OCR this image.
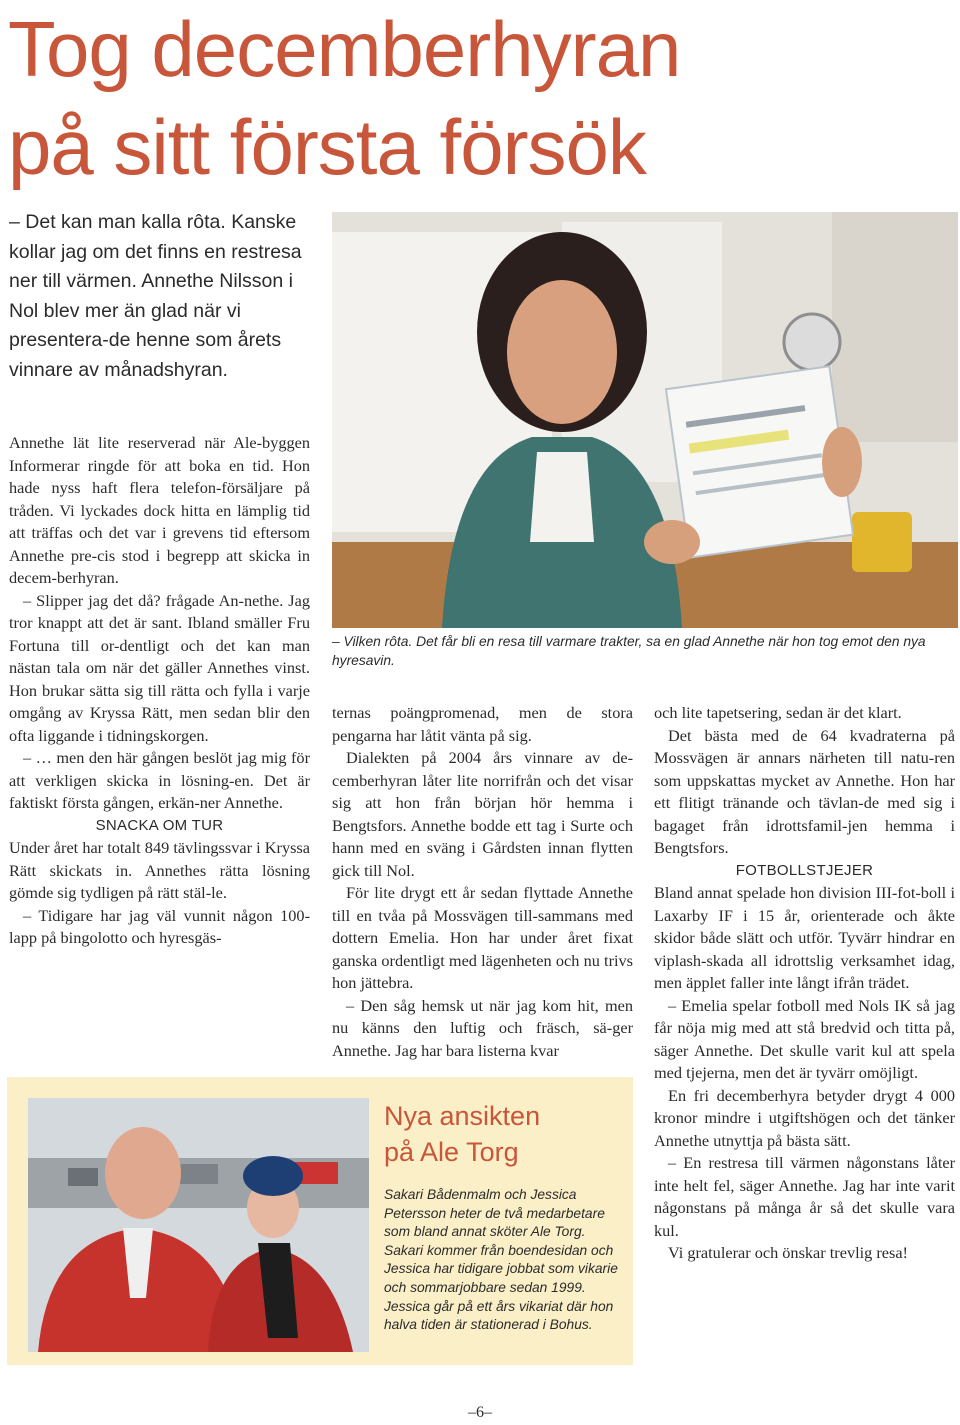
Tog decemberhyran
på sitt första försök
– Det kan man kalla rôta. Kanske kollar jag om det finns en restresa ner till värmen. Annethe Nilsson i Nol blev mer än glad när vi presentera-de henne som årets vinnare av månadshyran.

Annethe lät lite reserverad när Ale-byggen Informerar ringde för att boka en tid. Hon hade nyss haft flera telefon-försäljare på tråden. Vi lyckades dock hitta en lämplig tid att träffas och det var i grevens tid eftersom Annethe pre-cis stod i begrepp att skicka in decem-berhyran.

– Slipper jag det då? frågade An-nethe. Jag tror knappt att det är sant. Ibland smäller Fru Fortuna till or-dentligt och det kan man nästan tala om när det gäller Annethes vinst. Hon brukar sätta sig till rätta och fylla i varje omgång av Kryssa Rätt, men sedan blir den ofta liggande i tidningskorgen.

– … men den här gången beslöt jag mig för att verkligen skicka in lösning-en. Det är faktiskt första gången, erkän-ner Annethe.

SNACKA OM TUR

Under året har totalt 849 tävlingssvar i Kryssa Rätt skickats in. Annethes rätta lösning gömde sig tydligen på rätt stäl-le.

– Tidigare har jag väl vunnit någon 100-lapp på bingolotto och hyresgäs-

– Vilken rôta. Det får bli en resa till varmare trakter, sa en glad Annethe när hon tog emot den nya hyresavin.

ternas poängpromenad, men de stora pengarna har låtit vänta på sig.

Dialekten på 2004 års vinnare av de-cemberhyran låter lite norrifrån och det visar sig att hon från början hör hemma i Bengtsfors. Annethe bodde ett tag i Surte och hann med en sväng i Gårdsten innan flytten gick till Nol.

För lite drygt ett år sedan flyttade Annethe till en tvåa på Mossvägen till-sammans med dottern Emelia. Hon har under året fixat ganska ordentligt med lägenheten och nu trivs hon jättebra.

– Den såg hemsk ut när jag kom hit, men nu känns den luftig och fräsch, sä-ger Annethe. Jag har bara listerna kvar

och lite tapetsering, sedan är det klart.

Det bästa med de 64 kvadraterna på Mossvägen är annars närheten till natu-ren som uppskattas mycket av Annethe. Hon har ett flitigt tränande och tävlan-de med sig i bagaget från idrottsfamil-jen hemma i Bengtsfors.

FOTBOLLSTJEJER

Bland annat spelade hon division III-fot-boll i Laxarby IF i 15 år, orienterade och åkte skidor både slätt och utför. Tyvärr hindrar en viplash-skada all idrottslig verksamhet idag, men äpplet faller inte långt ifrån trädet.

– Emelia spelar fotboll med Nols IK så jag får nöja mig med att stå bredvid och titta på, säger Annethe. Det skulle varit kul att spela med tjejerna, men det är tyvärr omöjligt.

En fri decemberhyra betyder drygt 4 000 kronor mindre i utgiftshögen och det tänker Annethe utnyttja på bästa sätt.

– En restresa till värmen någonstans låter inte helt fel, säger Annethe. Jag har inte varit någonstans på många år så det skulle vara kul.

Vi gratulerar och önskar trevlig resa!

Nya ansikten
på Ale Torg
Sakari Bådenmalm och Jessica Petersson heter de två medarbetare som bland annat sköter Ale Torg. Sakari kommer från boendesidan och Jessica har tidigare jobbat som vikarie och sommarjobbare sedan 1999. Jessica går på ett års vikariat där hon halva tiden är stationerad i Bohus.
–6–
